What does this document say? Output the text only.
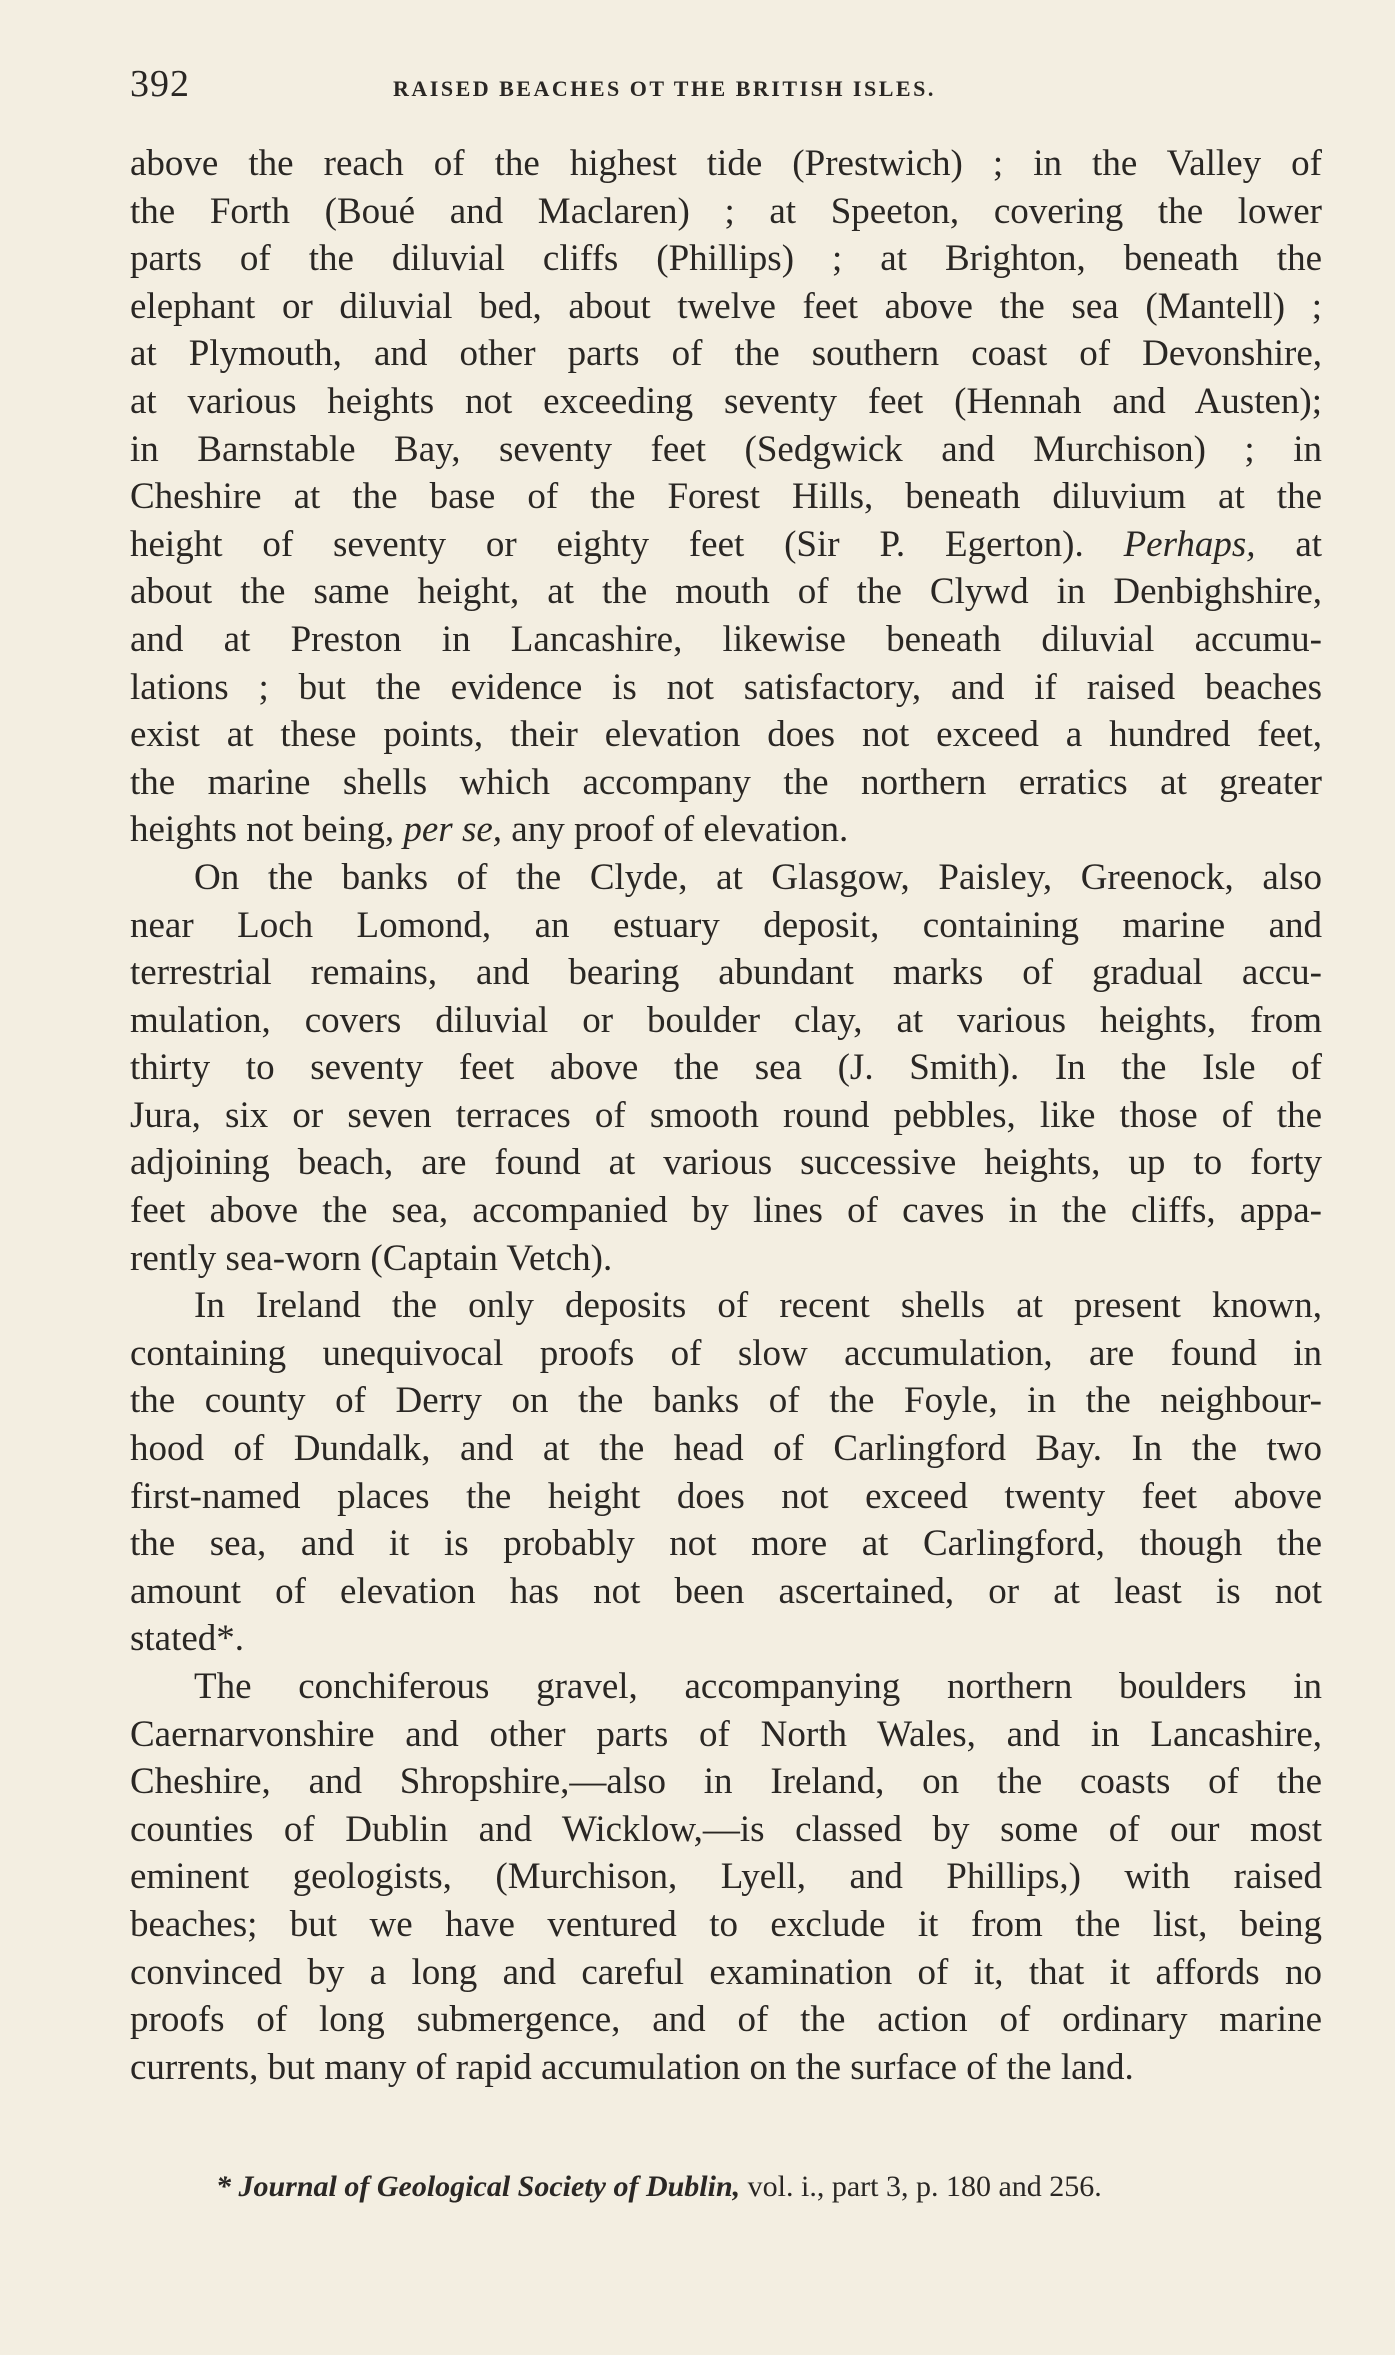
392	RAISED BEACHES OT THE BRITISH ISLES.

above the reach of the highest tide (Prestwich) ; in the Valley of
the Forth (Boué and Maclaren) ; at Speeton, covering the lower
parts of the diluvial cliffs (Phillips) ; at Brighton, beneath the
elephant or diluvial bed, about twelve feet above the sea (Mantell) ;
at Plymouth, and other parts of the southern coast of Devonshire,
at various heights not exceeding seventy feet (Hennah and Austen);
in Barnstable Bay, seventy feet (Sedgwick and Murchison) ; in
Cheshire at the base of the Forest Hills, beneath diluvium at the
height of seventy or eighty feet (Sir P. Egerton). Perhaps, at
about the same height, at the mouth of the Clywd in Denbighshire,
and at Preston in Lancashire, likewise beneath diluvial accumu-
lations ; but the evidence is not satisfactory, and if raised beaches
exist at these points, their elevation does not exceed a hundred feet,
the marine shells which accompany the northern erratics at greater
heights not being, per se, any proof of elevation.

On the banks of the Clyde, at Glasgow, Paisley, Greenock, also
near Loch Lomond, an estuary deposit, containing marine and
terrestrial remains, and bearing abundant marks of gradual accu-
mulation, covers diluvial or boulder clay, at various heights, from
thirty to seventy feet above the sea (J. Smith). In the Isle of
Jura, six or seven terraces of smooth round pebbles, like those of the
adjoining beach, are found at various successive heights, up to forty
feet above the sea, accompanied by lines of caves in the cliffs, appa-
rently sea-worn (Captain Vetch).

In Ireland the only deposits of recent shells at present known,
containing unequivocal proofs of slow accumulation, are found in
the county of Derry on the banks of the Foyle, in the neighbour-
hood of Dundalk, and at the head of Carlingford Bay. In the two
first-named places the height does not exceed twenty feet above
the sea, and it is probably not more at Carlingford, though the
amount of elevation has not been ascertained, or at least is not
stated*.

The conchiferous gravel, accompanying northern boulders in
Caernarvonshire and other parts of North Wales, and in Lancashire,
Cheshire, and Shropshire,—also in Ireland, on the coasts of the
counties of Dublin and Wicklow,—is classed by some of our most
eminent geologists, (Murchison, Lyell, and Phillips,) with raised
beaches; but we have ventured to exclude it from the list, being
convinced by a long and careful examination of it, that it affords no
proofs of long submergence, and of the action of ordinary marine
currents, but many of rapid accumulation on the surface of the land.

* Journal of Geological Society of Dublin, vol. i., part 3, p. 180 and 256.
